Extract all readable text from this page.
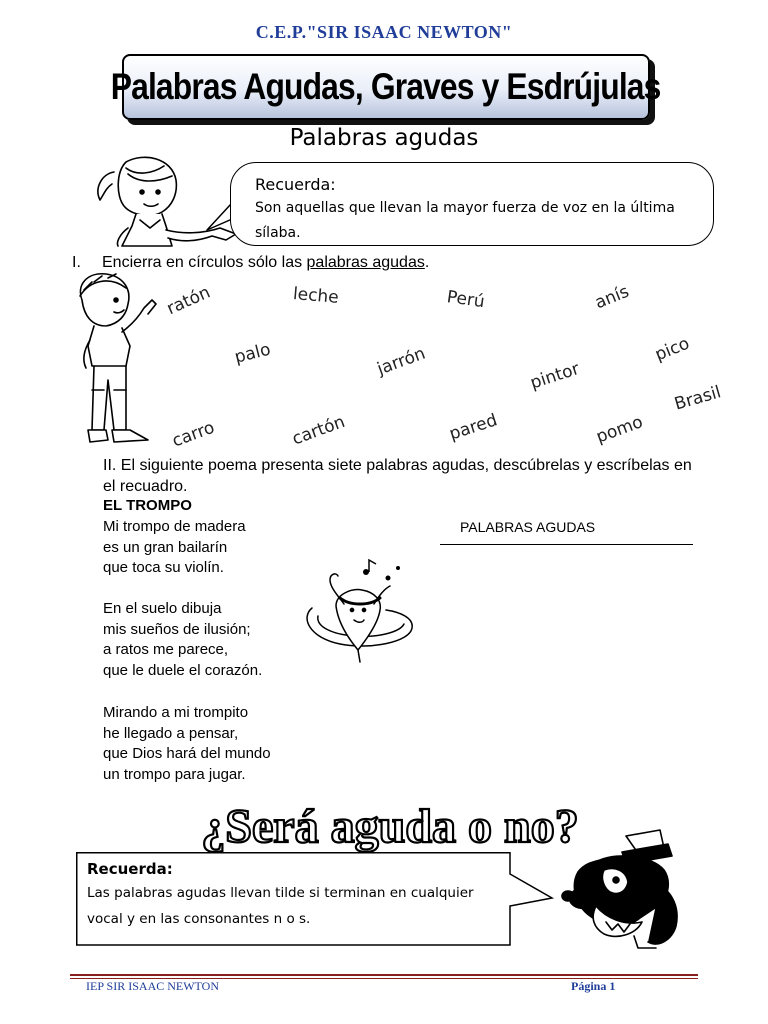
C.E.P."SIR ISAAC NEWTON"
Palabras Agudas, Graves y Esdrújulas
Palabras agudas
Recuerda:
Son aquellas que llevan la mayor fuerza de voz en la última sílaba.
I. Encierra en círculos sólo las palabras agudas.
ratón	leche	Perú	anís
palo	jarrón	pintor
pico
carro	cartón	pared	pomo
Brasil
II. El siguiente poema presenta siete palabras agudas, descúbrelas y escríbelas en el recuadro.
EL TROMPO
Mi trompo de madera
es un gran bailarín
que toca su violín.
En el suelo dibuja
mis sueños de ilusión;
a ratos me parece,
que le duele el corazón.
Mirando a mi trompito
he llegado a pensar,
que Dios hará del mundo
un trompo para jugar.
PALABRAS AGUDAS
¿Será aguda o no?
Recuerda:
Las palabras agudas llevan tilde si terminan en cualquier vocal y en las consonantes n o s.
IEP SIR ISAAC NEWTON	Página 1
